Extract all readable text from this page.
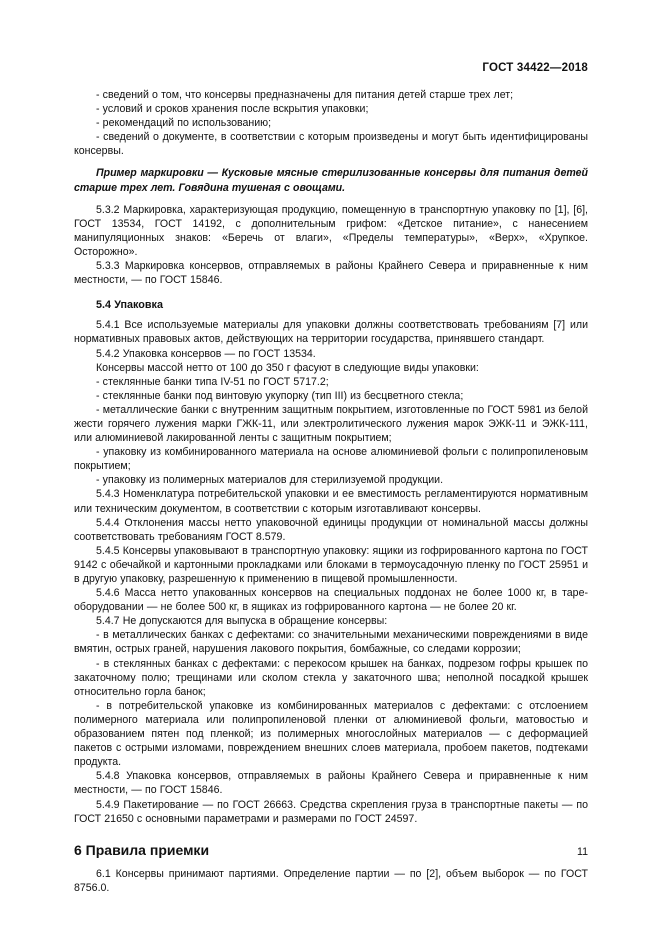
ГОСТ 34422—2018

- сведений о том, что консервы предназначены для питания детей старше трех лет;

- условий и сроков хранения после вскрытия упаковки;

- рекомендаций по использованию;

- сведений о документе, в соответствии с которым произведены и могут быть идентифицированы консервы.

Пример маркировки — Кусковые мясные стерилизованные консервы для питания детей старше трех лет. Говядина тушеная с овощами.

5.3.2 Маркировка, характеризующая продукцию, помещенную в транспортную упаковку по [1], [6], ГОСТ 13534, ГОСТ 14192, с дополнительным грифом: «Детское питание», с нанесением манипуляционных знаков: «Беречь от влаги», «Пределы температуры», «Верх», «Хрупкое. Осторожно».

5.3.3 Маркировка консервов, отправляемых в районы Крайнего Севера и приравненные к ним местности, — по ГОСТ 15846.

5.4 Упаковка

5.4.1 Все используемые материалы для упаковки должны соответствовать требованиям [7] или нормативных правовых актов, действующих на территории государства, принявшего стандарт.

5.4.2 Упаковка консервов — по ГОСТ 13534.

Консервы массой нетто от 100 до 350 г фасуют в следующие виды упаковки:

- стеклянные банки типа IV-51 по ГОСТ 5717.2;

- стеклянные банки под винтовую укупорку (тип III) из бесцветного стекла;

- металлические банки с внутренним защитным покрытием, изготовленные по ГОСТ 5981 из белой жести горячего лужения марки ГЖК-11, или электролитического лужения марок ЭЖК-11 и ЭЖК-111, или алюминиевой лакированной ленты с защитным покрытием;

- упаковку из комбинированного материала на основе алюминиевой фольги с полипропиленовым покрытием;

- упаковку из полимерных материалов для стерилизуемой продукции.

5.4.3 Номенклатура потребительской упаковки и ее вместимость регламентируются нормативным или техническим документом, в соответствии с которым изготавливают консервы.

5.4.4 Отклонения массы нетто упаковочной единицы продукции от номинальной массы должны соответствовать требованиям ГОСТ 8.579.

5.4.5 Консервы упаковывают в транспортную упаковку: ящики из гофрированного картона по ГОСТ 9142 с обечайкой и картонными прокладками или блоками в термоусадочную пленку по ГОСТ 25951 и в другую упаковку, разрешенную к применению в пищевой промышленности.

5.4.6 Масса нетто упакованных консервов на специальных поддонах не более 1000 кг, в таре-оборудовании — не более 500 кг, в ящиках из гофрированного картона — не более 20 кг.

5.4.7 Не допускаются для выпуска в обращение консервы:

- в металлических банках с дефектами: со значительными механическими повреждениями в виде вмятин, острых граней, нарушения лакового покрытия, бомбажные, со следами коррозии;

- в стеклянных банках с дефектами: с перекосом крышек на банках, подрезом гофры крышек по закаточному полю; трещинами или сколом стекла у закаточного шва; неполной посадкой крышек относительно горла банок;

- в потребительской упаковке из комбинированных материалов с дефектами: с отслоением полимерного материала или полипропиленовой пленки от алюминиевой фольги, матовостью и образованием пятен под пленкой; из полимерных многослойных материалов — с деформацией пакетов с острыми изломами, повреждением внешних слоев материала, пробоем пакетов, подтеками продукта.

5.4.8 Упаковка консервов, отправляемых в районы Крайнего Севера и приравненные к ним местности, — по ГОСТ 15846.

5.4.9 Пакетирование — по ГОСТ 26663. Средства скрепления груза в транспортные пакеты — по ГОСТ 21650 с основными параметрами и размерами по ГОСТ 24597.

6 Правила приемки

6.1 Консервы принимают партиями. Определение партии — по [2], объем выборок — по ГОСТ 8756.0.

11
